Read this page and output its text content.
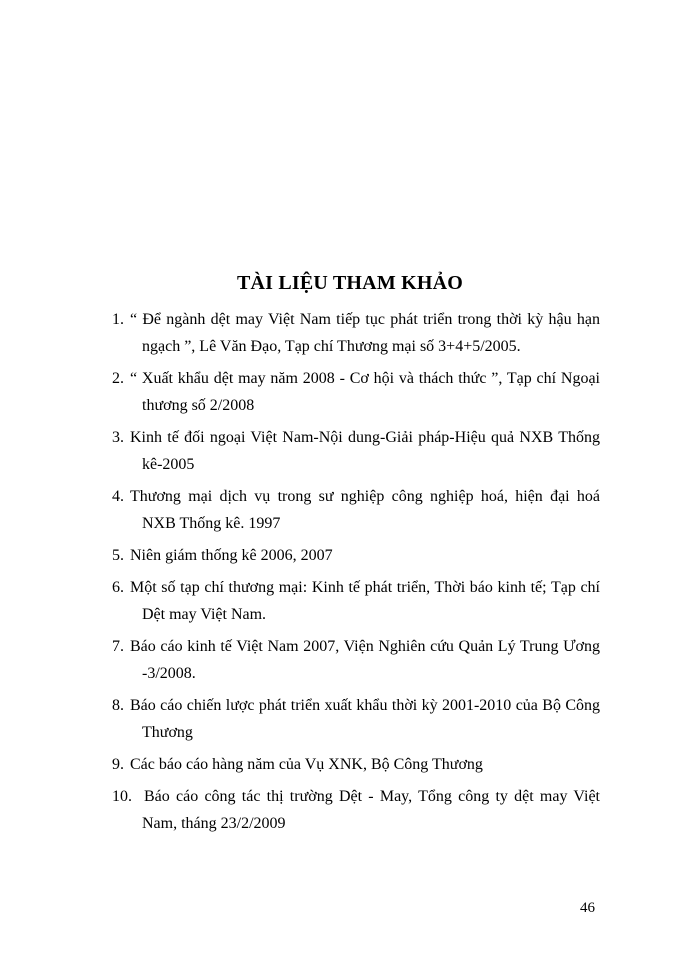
TÀI LIỆU THAM KHẢO
1. “ Để ngành dệt may Việt Nam tiếp tục phát triển trong thời kỳ hậu hạn
ngạch ”, Lê Văn Đạo, Tạp chí Thương mại số 3+4+5/2005.
2. “ Xuất khẩu dệt may năm 2008 - Cơ hội và thách thức ”, Tạp chí Ngoại
thương số 2/2008
3. Kinh tế đối ngoại Việt Nam-Nội dung-Giải pháp-Hiệu quả NXB Thống
kê-2005
4. Thương mại dịch vụ trong sư nghiệp công nghiệp hoá, hiện đại hoá
NXB Thống kê. 1997
5. Niên giám thống kê 2006, 2007
6. Một số tạp chí thương mại: Kinh tế phát triển, Thời báo kinh tế; Tạp chí
Dệt may Việt Nam.
7. Báo cáo kinh tế Việt Nam 2007, Viện Nghiên cứu Quản Lý Trung Ương
-3/2008.
8. Báo cáo chiến lược phát triển xuất khẩu thời kỳ 2001-2010 của Bộ Công
Thương
9. Các báo cáo hàng năm của Vụ XNK, Bộ Công Thương
10. Báo cáo công tác thị trường Dệt - May, Tổng công ty dệt may Việt
Nam, tháng 23/2/2009
46
